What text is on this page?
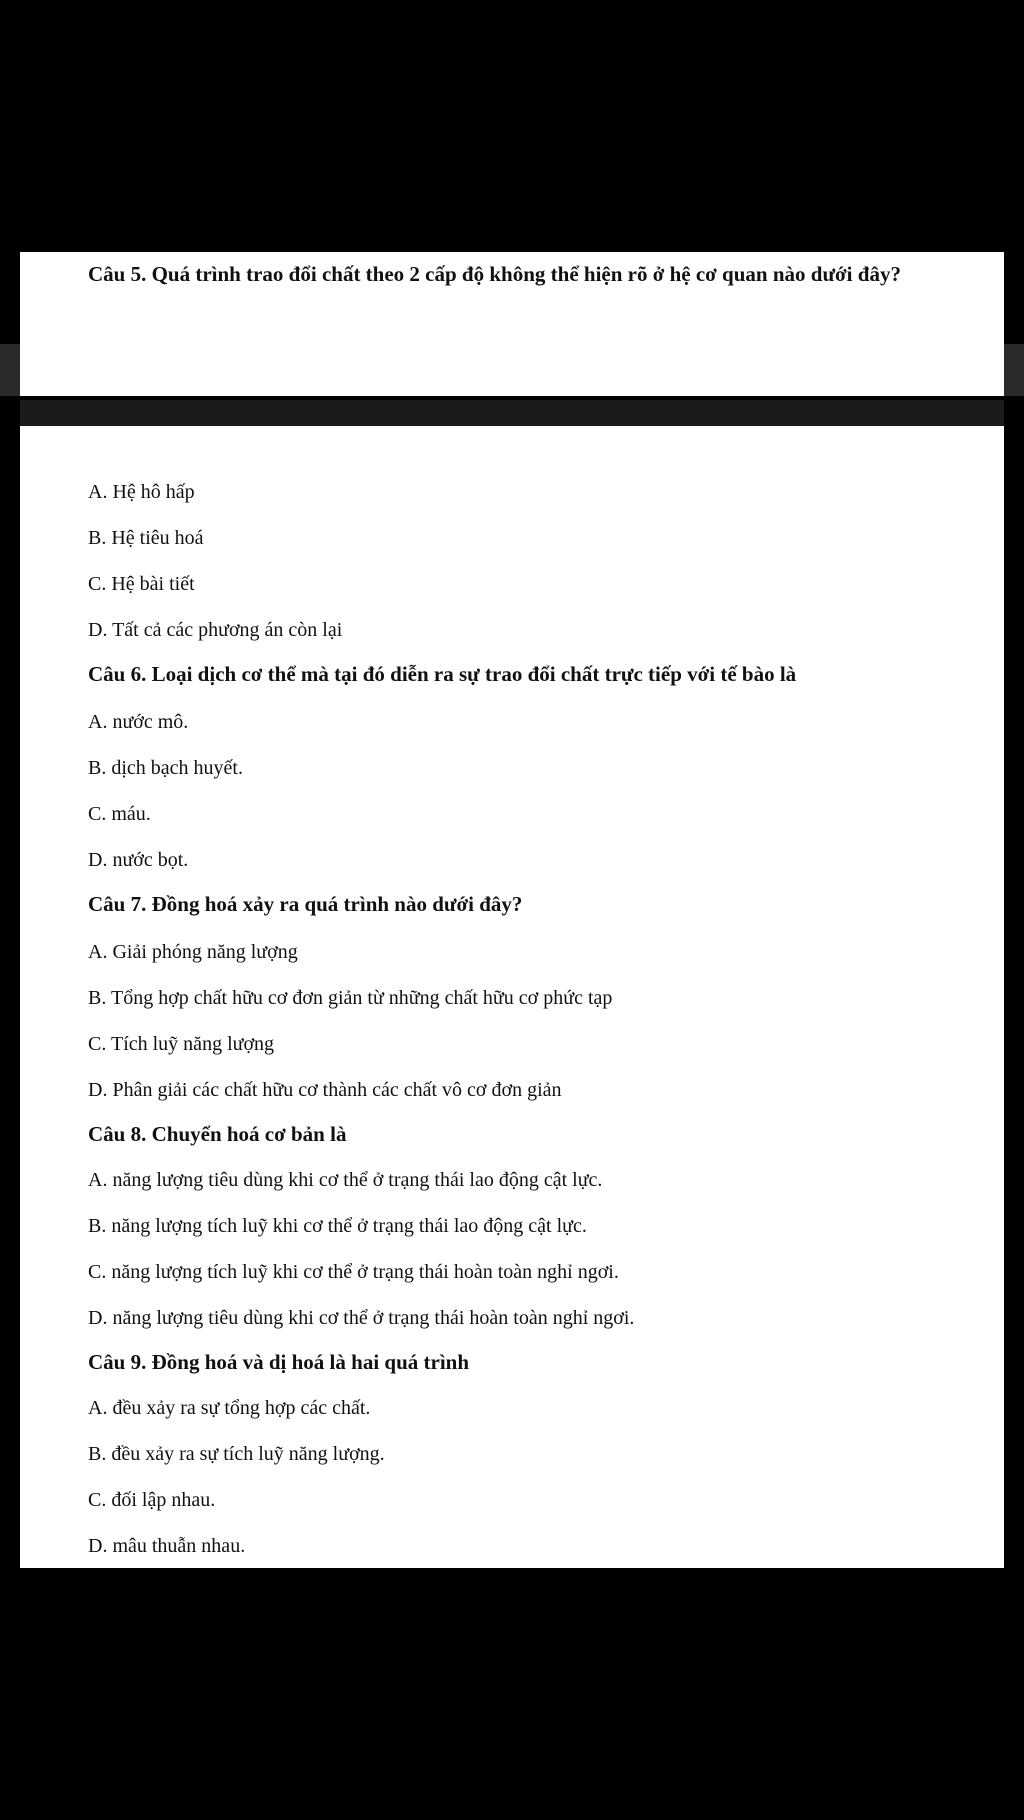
Câu 5. Quá trình trao đổi chất theo 2 cấp độ không thể hiện rõ ở hệ cơ quan nào dưới đây?

A. Hệ hô hấp

B. Hệ tiêu hoá

C. Hệ bài tiết

D. Tất cả các phương án còn lại

Câu 6. Loại dịch cơ thể mà tại đó diễn ra sự trao đổi chất trực tiếp với tế bào là

A. nước mô.

B. dịch bạch huyết.

C. máu.

D. nước bọt.

Câu 7. Đồng hoá xảy ra quá trình nào dưới đây?

A. Giải phóng năng lượng

B. Tổng hợp chất hữu cơ đơn giản từ những chất hữu cơ phức tạp

C. Tích luỹ năng lượng

D. Phân giải các chất hữu cơ thành các chất vô cơ đơn giản

Câu 8. Chuyển hoá cơ bản là

A. năng lượng tiêu dùng khi cơ thể ở trạng thái lao động cật lực.

B. năng lượng tích luỹ khi cơ thể ở trạng thái lao động cật lực.

C. năng lượng tích luỹ khi cơ thể ở trạng thái hoàn toàn nghỉ ngơi.

D. năng lượng tiêu dùng khi cơ thể ở trạng thái hoàn toàn nghỉ ngơi.

Câu 9. Đồng hoá và dị hoá là hai quá trình

A. đều xảy ra sự tổng hợp các chất.

B. đều xảy ra sự tích luỹ năng lượng.

C. đối lập nhau.

D. mâu thuẫn nhau.
